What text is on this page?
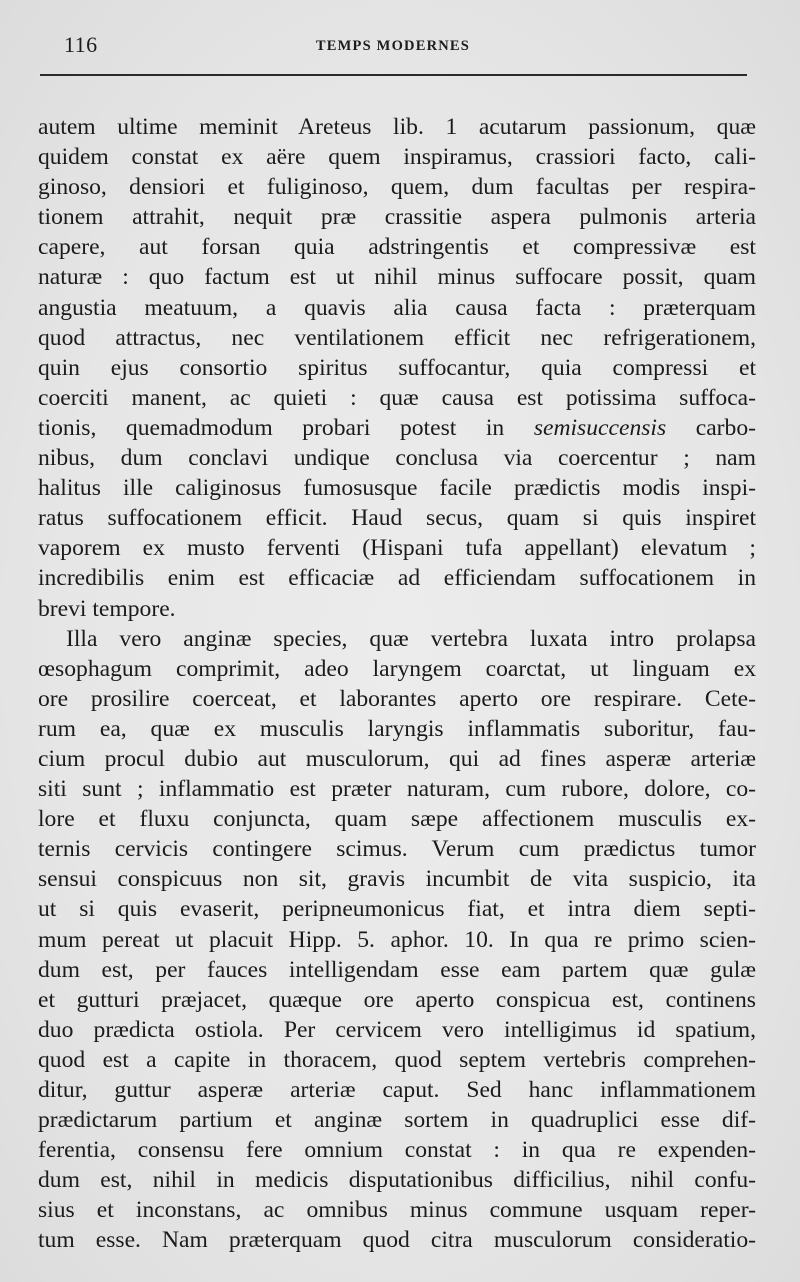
116	TEMPS MODERNES
autem ultime meminit Areteus lib. 1 acutarum passionum, quæ
quidem constat ex aëre quem inspiramus, crassiori facto, cali-
ginoso, densiori et fuliginoso, quem, dum facultas per respira-
tionem attrahit, nequit præ crassitie aspera pulmonis arteria
capere, aut forsan quia adstringentis et compressivæ est
naturæ : quo factum est ut nihil minus suffocare possit, quam
angustia meatuum, a quavis alia causa facta : præterquam
quod attractus, nec ventilationem efficit nec refrigerationem,
quin ejus consortio spiritus suffocantur, quia compressi et
coerciti manent, ac quieti : quæ causa est potissima suffoca-
tionis, quemadmodum probari potest in semisuccensis carbo-
nibus, dum conclavi undique conclusa via coercentur ; nam
halitus ille caliginosus fumosusque facile prædictis modis inspi-
ratus suffocationem efficit. Haud secus, quam si quis inspiret
vaporem ex musto ferventi (Hispani tufa appellant) elevatum ;
incredibilis enim est efficaciæ ad efficiendam suffocationem in
brevi tempore.
Illa vero anginæ species, quæ vertebra luxata intro prolapsa
œsophagum comprimit, adeo laryngem coarctat, ut linguam ex
ore prosilire coerceat, et laborantes aperto ore respirare. Cete-
rum ea, quæ ex musculis laryngis inflammatis suboritur, fau-
cium procul dubio aut musculorum, qui ad fines asperæ arteriæ
siti sunt ; inflammatio est præter naturam, cum rubore, dolore, co-
lore et fluxu conjuncta, quam sæpe affectionem musculis ex-
ternis cervicis contingere scimus. Verum cum prædictus tumor
sensui conspicuus non sit, gravis incumbit de vita suspicio, ita
ut si quis evaserit, peripneumonicus fiat, et intra diem septi-
mum pereat ut placuit Hipp. 5. aphor. 10. In qua re primo scien-
dum est, per fauces intelligendam esse eam partem quæ gulæ
et gutturi præjacet, quæque ore aperto conspicua est, continens
duo prædicta ostiola. Per cervicem vero intelligimus id spatium,
quod est a capite in thoracem, quod septem vertebris comprehen-
ditur, guttur asperæ arteriæ caput. Sed hanc inflammationem
prædictarum partium et anginæ sortem in quadruplici esse dif-
ferentia, consensu fere omnium constat : in qua re expenden-
dum est, nihil in medicis disputationibus difficilius, nihil confu-
sius et inconstans, ac omnibus minus commune usquam reper-
tum esse. Nam præterquam quod citra musculorum consideratio-
